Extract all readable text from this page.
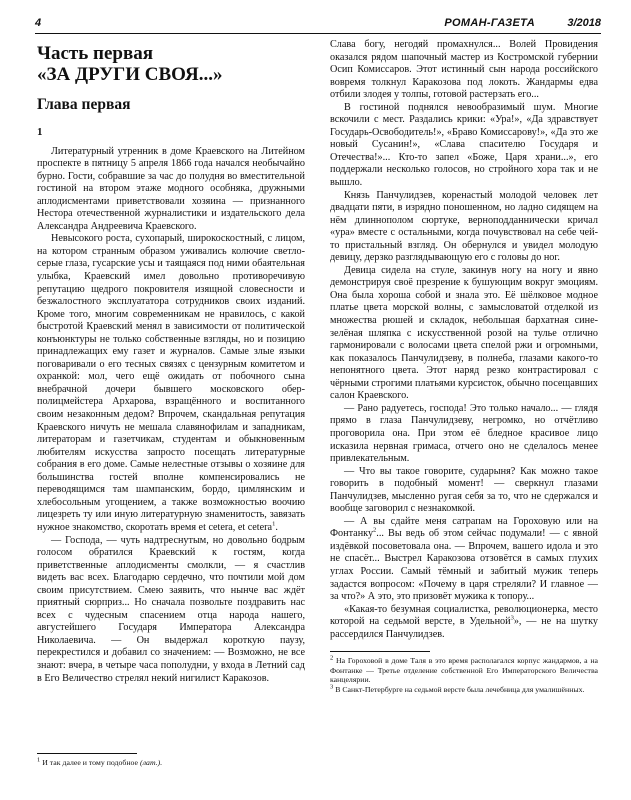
4	РОМАН-ГАЗЕТА	3/2018
Часть первая
«ЗА ДРУГИ СВОЯ...»
Глава первая
1

Литературный утренник в доме Краевского на Литейном проспекте в пятницу 5 апреля 1866 года начался необычайно бурно. Гости, собравшие за час до полудня во вместительной гостиной на втором этаже модного особняка, дружными аплодисментами приветствовали хозяина — признанного Нестора отечественной журналистики и издательского дела Александра Андреевича Краевского.

Невысокого роста, сухопарый, широкоскостный, с лицом, на котором странным образом уживались колючие светло-серые глаза, гусарские усы и таящаяся под ними обаятельная улыбка, Краевский имел довольно противоречивую репутацию щедрого покровителя изящной словесности и безжалостного эксплуататора сотрудников своих изданий. Кроме того, многим современникам не нравилось, с какой быстротой Краевский менял в зависимости от политической конъюнктуры не только собственные взгляды, но и позицию принадлежащих ему газет и журналов. Самые злые языки поговаривали о его тесных связях с цензурным комитетом и охранкой: мол, чего ещё ожидать от побочного сына внебрачной дочери бывшего московского обер-полицмейстера Архарова, взращённого и воспитанного своим незаконным дедом? Впрочем, скандальная репутация Краевского ничуть не мешала славянофилам и западникам, литераторам и газетчикам, студентам и обыкновенным любителям искусства запросто посещать литературные собрания в его доме. Самые нелестные отзывы о хозяине для большинства гостей вполне компенсировались не переводящимся там шампанским, бордо, цимлянским и хлебосольным угощением, а также возможностью воочию лицезреть ту или иную литературную знаменитость, завязать нужное знакомство, скоротать время et cetera, et cetera$^1$.

— Господа, — чуть надтреснутым, но довольно бодрым голосом обратился Краевский к гостям, когда приветственные аплодисменты смолкли, — я счастлив видеть вас всех. Благодарю сердечно, что почтили мой дом своим присутствием. Смею заявить, что нынче вас ждёт приятный сюрприз... Но сначала позвольте поздравить нас всех с чудесным спасением отца народа нашего, августейшего Государя Императора Александра Николаевича. — Он выдержал короткую паузу, перекрестился и добавил со значением: — Возможно, не все знают: вчера, в четыре часа пополудни, у входа в Летний сад в Его Величество стрелял некий нигилист Каракозов.

Слава богу, негодяй промахнулся... Волей Провидения оказался рядом шапочный мастер из Костромской губернии Осип Комиссаров. Этот истинный сын народа российского вовремя толкнул Каракозова под локоть. Жандармы едва отбили злодея у толпы, готовой растерзать его...

В гостиной поднялся невообразимый шум. Многие вскочили с мест. Раздались крики: «Ура!», «Да здравствует Государь-Освободитель!», «Браво Комиссарову!», «Да это же новый Сусанин!», «Слава спасителю Государя и Отечества!»... Кто-то запел «Боже, Царя храни...», его поддержали несколько голосов, но стройного хора так и не вышло.

Князь Панчулидзев, коренастый молодой человек лет двадцати пяти, в изрядно поношенном, но ладно сидящем на нём длиннополом сюртуке, верноподданнически кричал «ура» вместе с остальными, когда почувствовал на себе чей-то пристальный взгляд. Он обернулся и увидел молодую девицу, дерзко разглядывающую его с головы до ног.

Девица сидела на стуле, закинув ногу на ногу и явно демонстрируя своё презрение к бушующим вокруг эмоциям. Она была хороша собой и знала это. Её шёлковое модное платье цвета морской волны, с замысловатой отделкой из множества рюшей и складок, небольшая бархатная сине-зелёная шляпка с искусственной розой на тулье отлично гармонировали с волосами цвета спелой ржи и огромными, как показалось Панчулидзеву, в полнеба, глазами какого-то непонятного цвета. Этот наряд резко контрастировал с чёрными строгими платьями курсисток, обычно посещавших салон Краевского.

— Рано радуетесь, господа! Это только начало... — глядя прямо в глаза Панчулидзеву, негромко, но отчётливо проговорила она. При этом её бледное красивое лицо исказила нервная гримаса, отчего оно не сделалось менее привлекательным.

— Что вы такое говорите, сударыня? Как можно такое говорить в подобный момент! — сверкнул глазами Панчулидзев, мысленно ругая себя за то, что не сдержался и вообще заговорил с незнакомкой.

— А вы сдайте меня сатрапам на Гороховую или на Фонтанку$^2$... Вы ведь об этом сейчас подумали! — с явной издёвкой посоветовала она. — Впрочем, вашего идола и это не спасёт... Выстрел Каракозова отзовётся в самых глухих углах России. Самый тёмный и забитый мужик теперь задастся вопросом: «Почему в царя стреляли? И главное — за что?» А это, это призовёт мужика к топору...

«Какая-то безумная социалистка, революционерка, место которой на седьмой версте, в Удельной$^3$», — не на шутку рассердился Панчулидзев.

$^2$ На Гороховой в доме Таля в это время располагался корпус жандармов, а на Фонтанке — Третье отделение собственной Его Императорского Величества канцелярии.

$^3$ В Санкт-Петербурге на седьмой версте была лечебница для умалишённых.

$^1$ И так далее и тому подобное (лат.).
